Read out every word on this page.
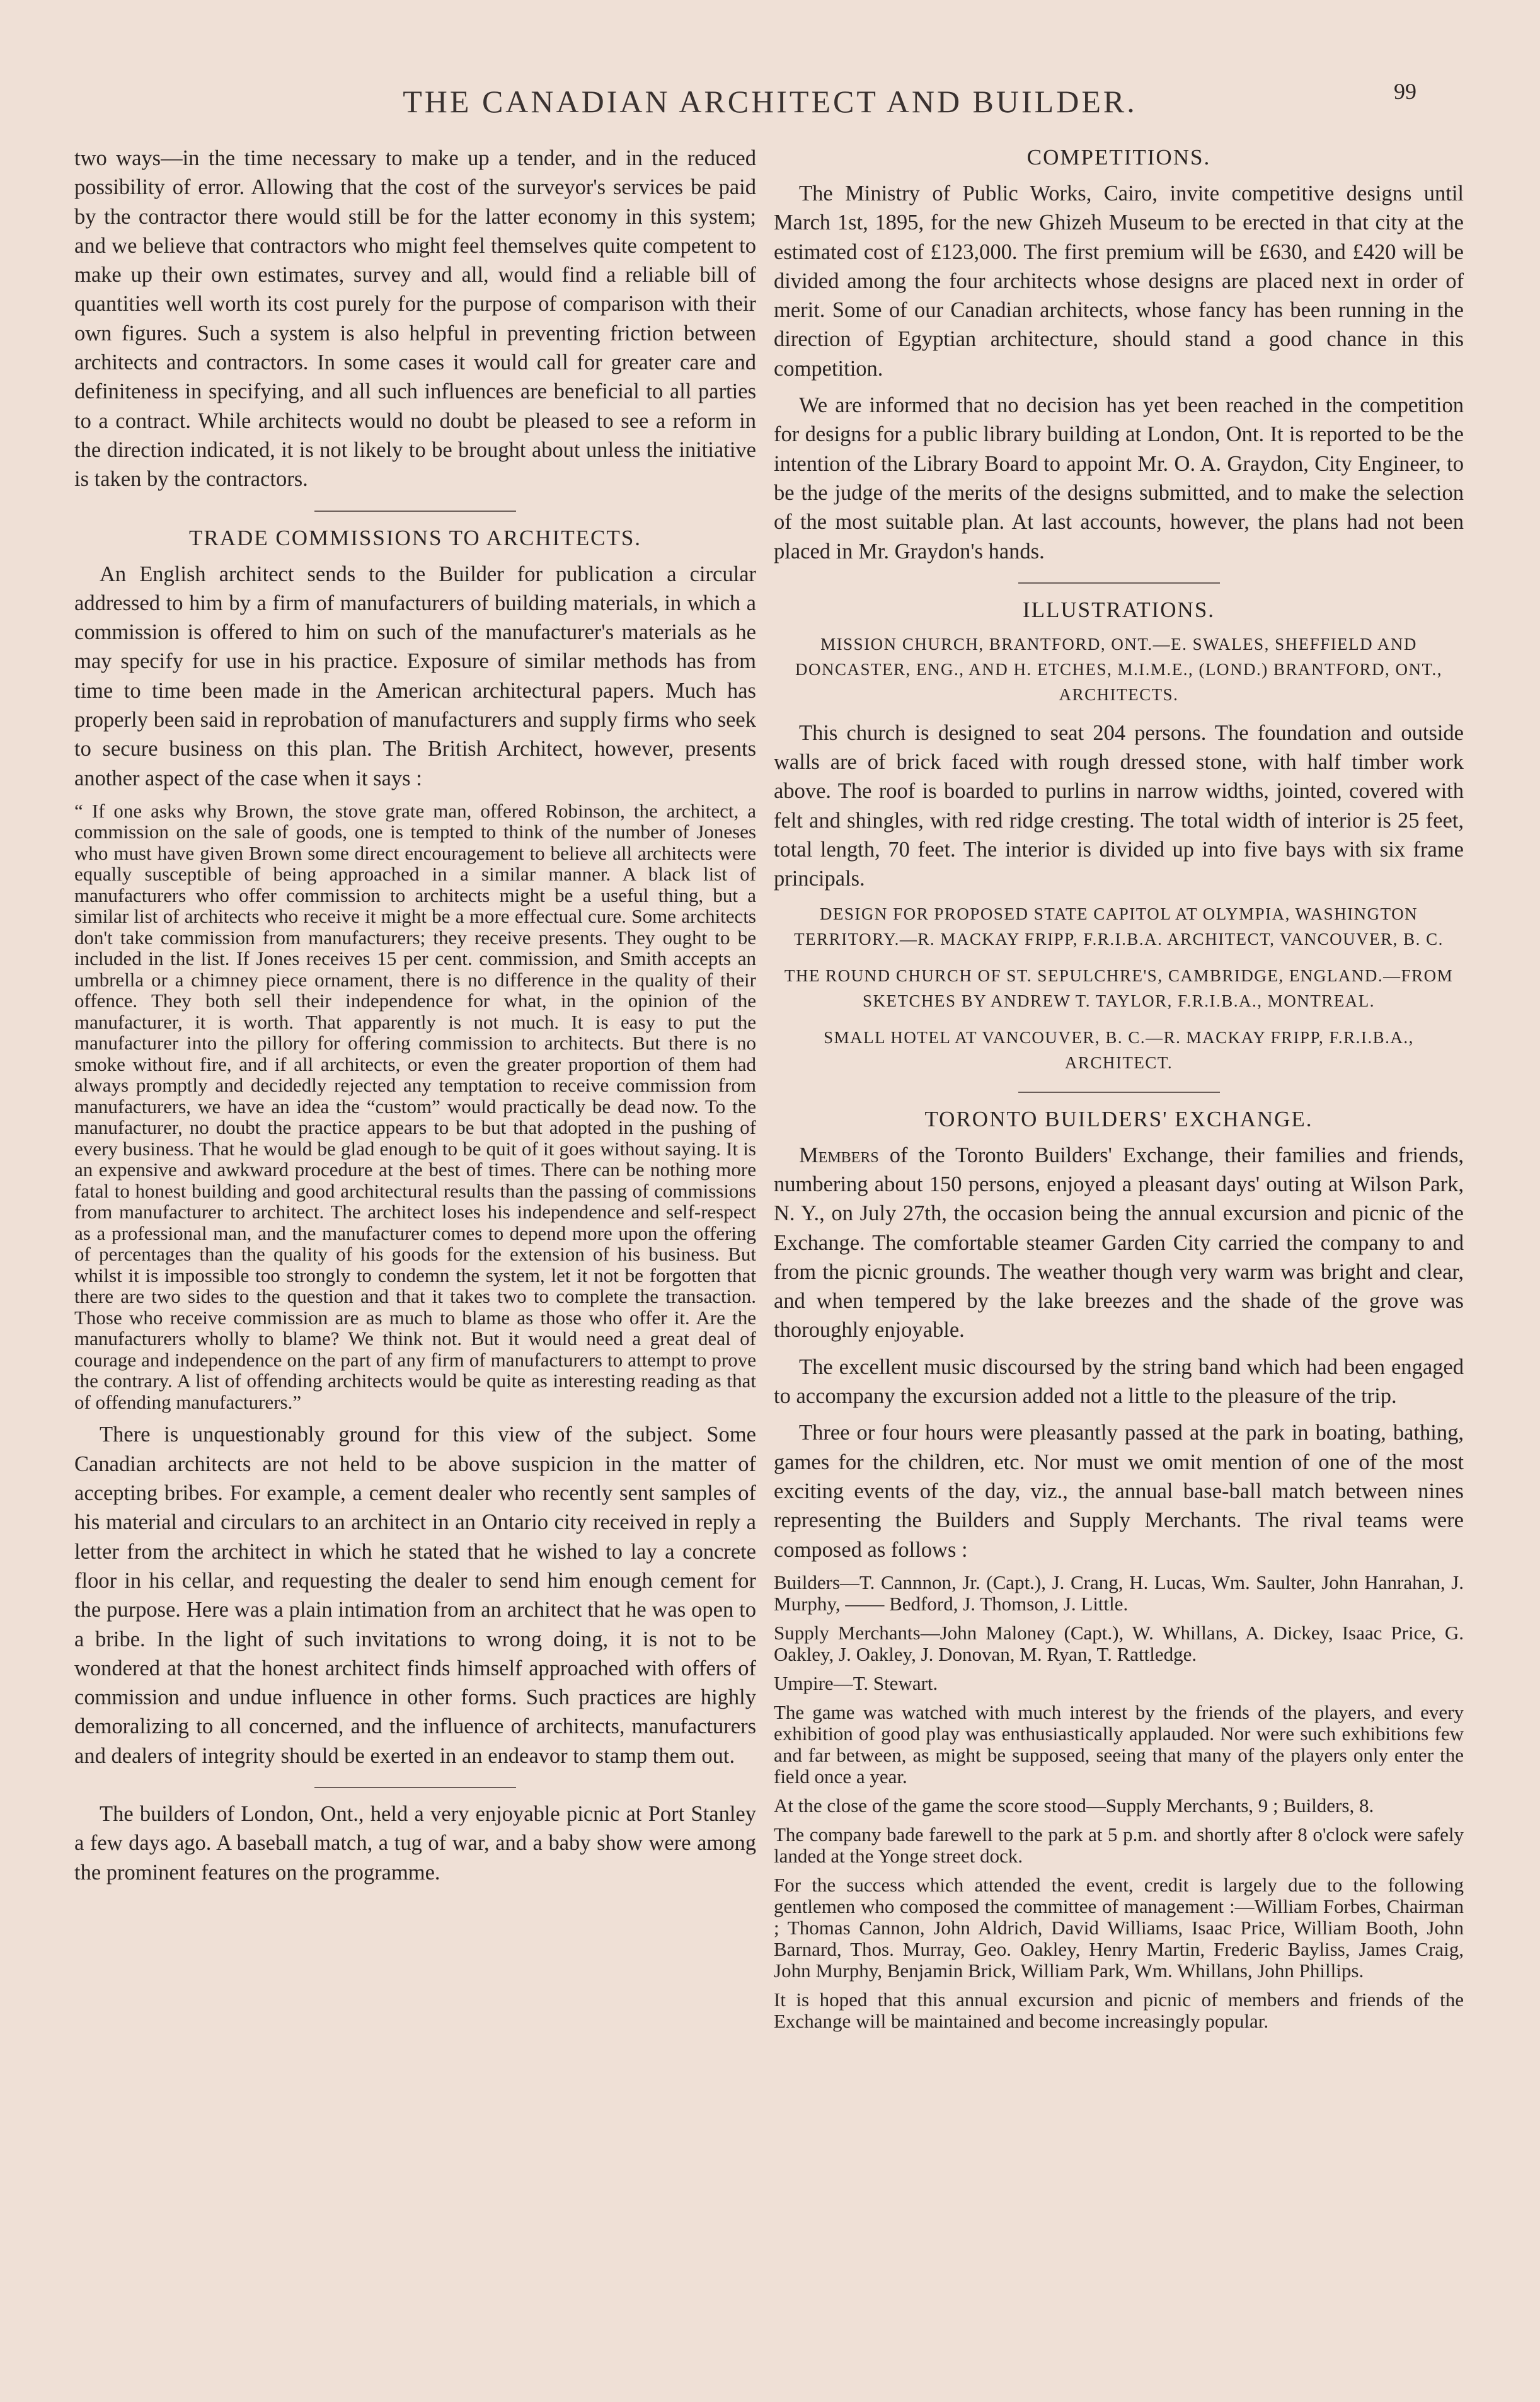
THE CANADIAN ARCHITECT AND BUILDER.	99

two ways—in the time necessary to make up a tender, and in the reduced possibility of error. Allowing that the cost of the surveyor's services be paid by the contractor there would still be for the latter economy in this system; and we believe that contractors who might feel themselves quite competent to make up their own estimates, survey and all, would find a reliable bill of quantities well worth its cost purely for the purpose of comparison with their own figures. Such a system is also helpful in preventing friction between architects and contractors. In some cases it would call for greater care and definiteness in specifying, and all such influences are beneficial to all parties to a contract. While architects would no doubt be pleased to see a reform in the direction indicated, it is not likely to be brought about unless the initiative is taken by the contractors.

TRADE COMMISSIONS TO ARCHITECTS.

An English architect sends to the Builder for publication a circular addressed to him by a firm of manufacturers of building materials, in which a commission is offered to him on such of the manufacturer's materials as he may specify for use in his practice. Exposure of similar methods has from time to time been made in the American architectural papers. Much has properly been said in reprobation of manufacturers and supply firms who seek to secure business on this plan. The British Architect, however, presents another aspect of the case when it says :

“ If one asks why Brown, the stove grate man, offered Robinson, the architect, a commission on the sale of goods, one is tempted to think of the number of Joneses who must have given Brown some direct encouragement to believe all architects were equally susceptible of being approached in a similar manner. A black list of manufacturers who offer commission to architects might be a useful thing, but a similar list of architects who receive it might be a more effectual cure. Some architects don't take commission from manufacturers; they receive presents. They ought to be included in the list. If Jones receives 15 per cent. commission, and Smith accepts an umbrella or a chimney piece ornament, there is no difference in the quality of their offence. They both sell their independence for what, in the opinion of the manufacturer, it is worth. That apparently is not much. It is easy to put the manufacturer into the pillory for offering commission to architects. But there is no smoke without fire, and if all architects, or even the greater proportion of them had always promptly and decidedly rejected any temptation to receive commission from manufacturers, we have an idea the “custom” would practically be dead now. To the manufacturer, no doubt the practice appears to be but that adopted in the pushing of every business. That he would be glad enough to be quit of it goes without saying. It is an expensive and awkward procedure at the best of times. There can be nothing more fatal to honest building and good architectural results than the passing of commissions from manufacturer to architect. The architect loses his independence and self-respect as a professional man, and the manufacturer comes to depend more upon the offering of percentages than the quality of his goods for the extension of his business. But whilst it is impossible too strongly to condemn the system, let it not be forgotten that there are two sides to the question and that it takes two to complete the transaction. Those who receive commission are as much to blame as those who offer it. Are the manufacturers wholly to blame? We think not. But it would need a great deal of courage and independence on the part of any firm of manufacturers to attempt to prove the contrary. A list of offending architects would be quite as interesting reading as that of offending manufacturers.”

There is unquestionably ground for this view of the subject. Some Canadian architects are not held to be above suspicion in the matter of accepting bribes. For example, a cement dealer who recently sent samples of his material and circulars to an architect in an Ontario city received in reply a letter from the architect in which he stated that he wished to lay a concrete floor in his cellar, and requesting the dealer to send him enough cement for the purpose. Here was a plain intimation from an architect that he was open to a bribe. In the light of such invitations to wrong doing, it is not to be wondered at that the honest architect finds himself approached with offers of commission and undue influence in other forms. Such practices are highly demoralizing to all concerned, and the influence of architects, manufacturers and dealers of integrity should be exerted in an endeavor to stamp them out.

The builders of London, Ont., held a very enjoyable picnic at Port Stanley a few days ago. A baseball match, a tug of war, and a baby show were among the prominent features on the programme.

COMPETITIONS.

The Ministry of Public Works, Cairo, invite competitive designs until March 1st, 1895, for the new Ghizeh Museum to be erected in that city at the estimated cost of £123,000. The first premium will be £630, and £420 will be divided among the four architects whose designs are placed next in order of merit. Some of our Canadian architects, whose fancy has been running in the direction of Egyptian architecture, should stand a good chance in this competition.

We are informed that no decision has yet been reached in the competition for designs for a public library building at London, Ont. It is reported to be the intention of the Library Board to appoint Mr. O. A. Graydon, City Engineer, to be the judge of the merits of the designs submitted, and to make the selection of the most suitable plan. At last accounts, however, the plans had not been placed in Mr. Graydon's hands.

ILLUSTRATIONS.
MISSION CHURCH, BRANTFORD, ONT.—E. SWALES, SHEFFIELD AND DONCASTER, ENG., AND H. ETCHES, M.I.M.E., (LOND.) BRANTFORD, ONT., ARCHITECTS.

This church is designed to seat 204 persons. The foundation and outside walls are of brick faced with rough dressed stone, with half timber work above. The roof is boarded to purlins in narrow widths, jointed, covered with felt and shingles, with red ridge cresting. The total width of interior is 25 feet, total length, 70 feet. The interior is divided up into five bays with six frame principals.

DESIGN FOR PROPOSED STATE CAPITOL AT OLYMPIA, WASHINGTON TERRITORY.—R. MACKAY FRIPP, F.R.I.B.A. ARCHITECT, VANCOUVER, B. C.
THE ROUND CHURCH OF ST. SEPULCHRE'S, CAMBRIDGE, ENGLAND.—FROM SKETCHES BY ANDREW T. TAYLOR, F.R.I.B.A., MONTREAL.
SMALL HOTEL AT VANCOUVER, B. C.—R. MACKAY FRIPP, F.R.I.B.A., ARCHITECT.
TORONTO BUILDERS' EXCHANGE.

Members of the Toronto Builders' Exchange, their families and friends, numbering about 150 persons, enjoyed a pleasant days' outing at Wilson Park, N. Y., on July 27th, the occasion being the annual excursion and picnic of the Exchange. The comfortable steamer Garden City carried the company to and from the picnic grounds. The weather though very warm was bright and clear, and when tempered by the lake breezes and the shade of the grove was thoroughly enjoyable.

The excellent music discoursed by the string band which had been engaged to accompany the excursion added not a little to the pleasure of the trip.

Three or four hours were pleasantly passed at the park in boating, bathing, games for the children, etc. Nor must we omit mention of one of the most exciting events of the day, viz., the annual base-ball match between nines representing the Builders and Supply Merchants. The rival teams were composed as follows :

Builders—T. Cannnon, Jr. (Capt.), J. Crang, H. Lucas, Wm. Saulter, John Hanrahan, J. Murphy, —— Bedford, J. Thomson, J. Little.

Supply Merchants—John Maloney (Capt.), W. Whillans, A. Dickey, Isaac Price, G. Oakley, J. Oakley, J. Donovan, M. Ryan, T. Rattledge.

Umpire—T. Stewart.

The game was watched with much interest by the friends of the players, and every exhibition of good play was enthusiastically applauded. Nor were such exhibitions few and far between, as might be supposed, seeing that many of the players only enter the field once a year.

At the close of the game the score stood—Supply Merchants, 9 ; Builders, 8.

The company bade farewell to the park at 5 p.m. and shortly after 8 o'clock were safely landed at the Yonge street dock.

For the success which attended the event, credit is largely due to the following gentlemen who composed the committee of management :—William Forbes, Chairman ; Thomas Cannon, John Aldrich, David Williams, Isaac Price, William Booth, John Barnard, Thos. Murray, Geo. Oakley, Henry Martin, Frederic Bayliss, James Craig, John Murphy, Benjamin Brick, William Park, Wm. Whillans, John Phillips.

It is hoped that this annual excursion and picnic of members and friends of the Exchange will be maintained and become increasingly popular.
